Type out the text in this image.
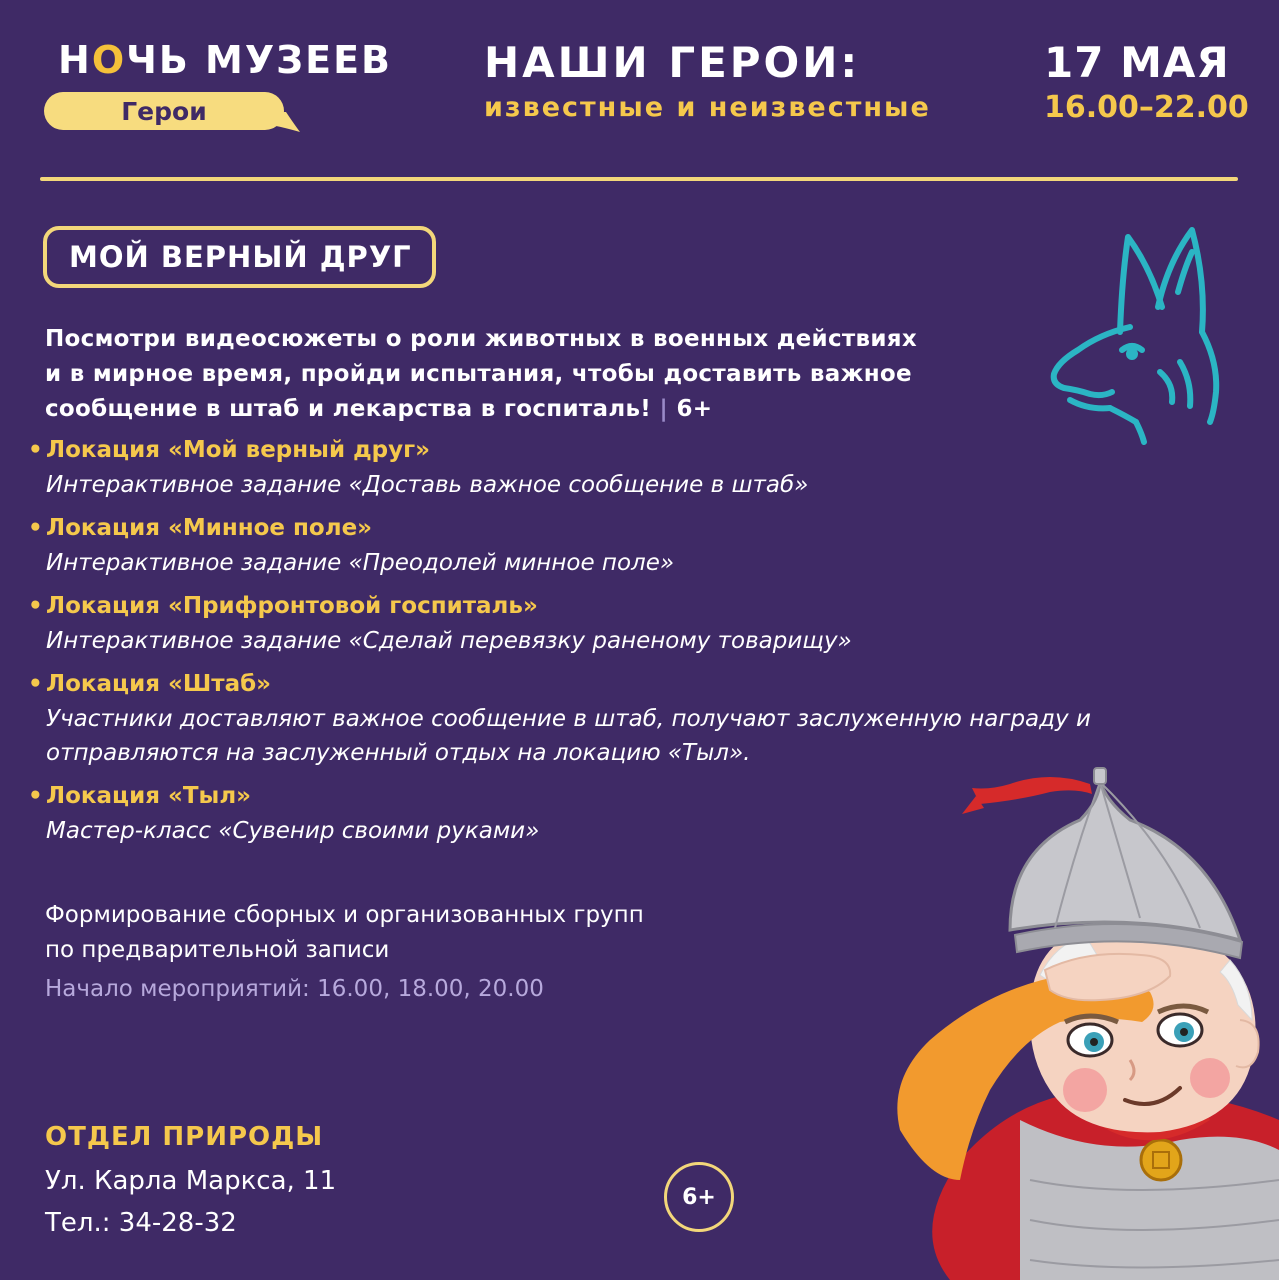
НОЧЬ МУЗЕЕВ
Герои
НАШИ ГЕРОИ:
известные и неизвестные
17 МАЯ
16.00–22.00
МОЙ ВЕРНЫЙ ДРУГ
Посмотри видеосюжеты о роли животных в военных действиях
и в мирное время, пройди испытания, чтобы доставить важное
сообщение в штаб и лекарства в госпиталь! | 6+
• Локация «Мой верный друг»
Интерактивное задание «Доставь важное сообщение в штаб»
• Локация «Минное поле»
Интерактивное задание «Преодолей минное поле»
• Локация «Прифронтовой госпиталь»
Интерактивное задание «Сделай перевязку раненому товарищу»
• Локация «Штаб»
Участники доставляют важное сообщение в штаб, получают заслуженную награду и отправляются на заслуженный отдых на локацию «Тыл».
• Локация «Тыл»
Мастер-класс «Сувенир своими руками»
Формирование сборных и организованных групп
по предварительной записи
Начало мероприятий: 16.00, 18.00, 20.00
ОТДЕЛ ПРИРОДЫ
Ул. Карла Маркса, 11
Тел.: 34-28-32
6+
